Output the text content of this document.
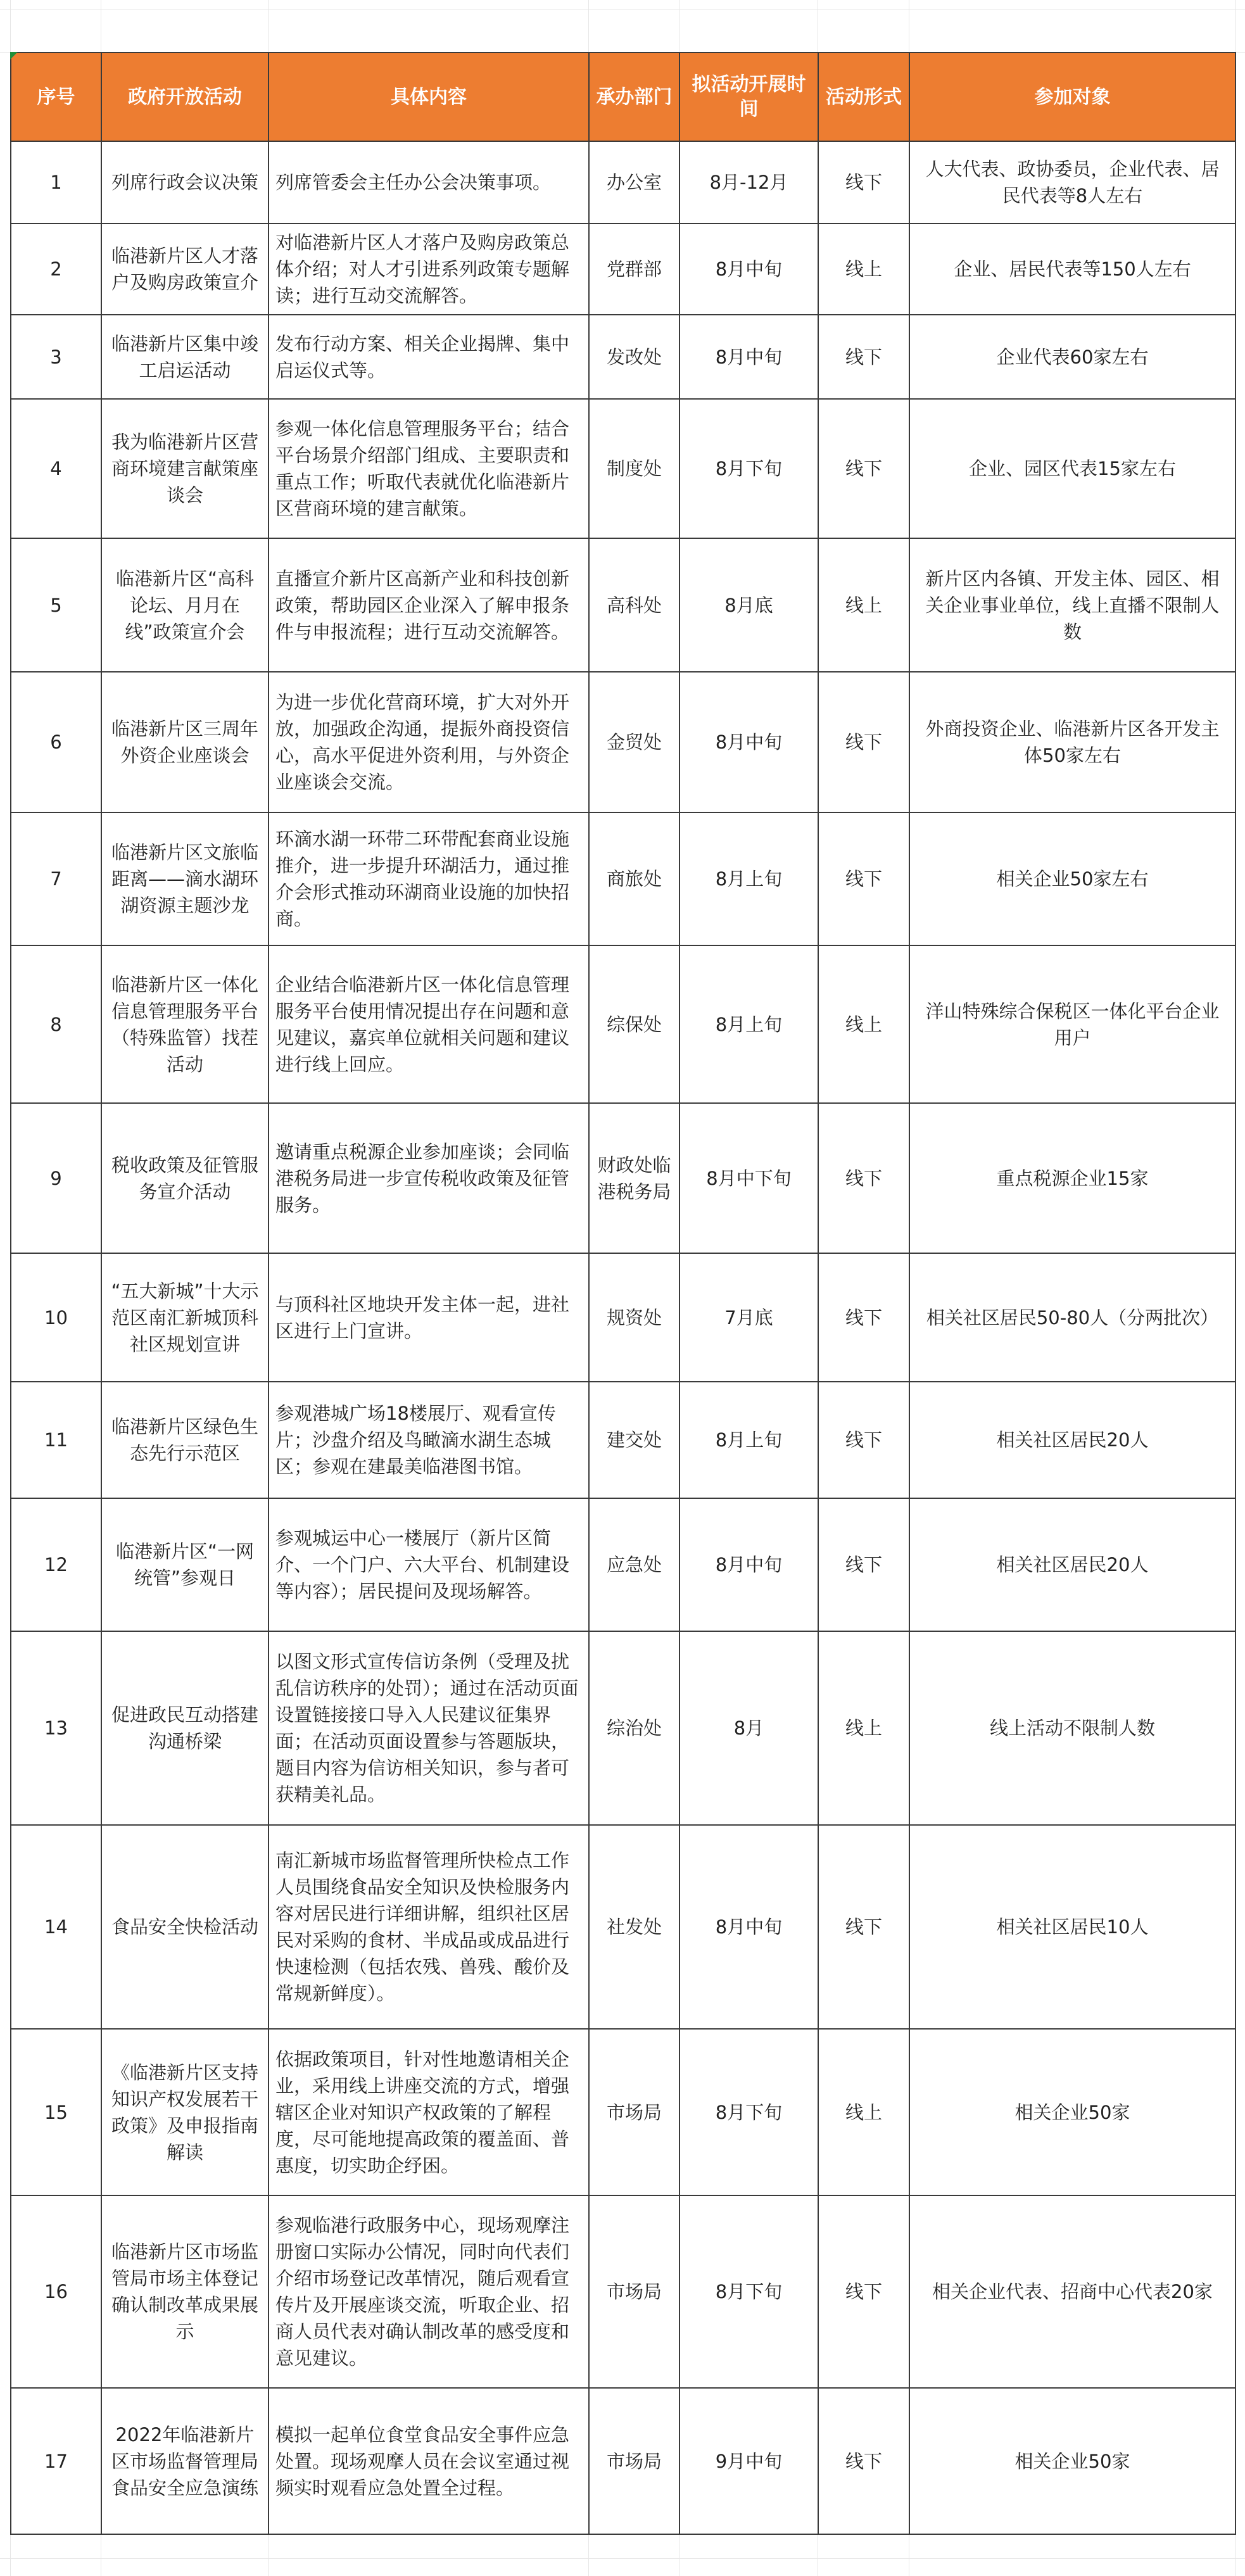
序号	政府开放活动	具体内容	承办部门	拟活动开展时间	活动形式	参加对象
1	列席行政会议决策	列席管委会主任办公会决策事项。	办公室	8月-12月	线下	人大代表、政协委员，企业代表、居民代表等8人左右
2	临港新片区人才落户及购房政策宣介	对临港新片区人才落户及购房政策总体介绍；对人才引进系列政策专题解读；进行互动交流解答。	党群部	8月中旬	线上	企业、居民代表等150人左右
3	临港新片区集中竣工启运活动	发布行动方案、相关企业揭牌、集中启运仪式等。	发改处	8月中旬	线下	企业代表60家左右
4	我为临港新片区营商环境建言献策座谈会	参观一体化信息管理服务平台；结合平台场景介绍部门组成、主要职责和重点工作；听取代表就优化临港新片区营商环境的建言献策。	制度处	8月下旬	线下	企业、园区代表15家左右
5	临港新片区“高科论坛、月月在线”政策宣介会	直播宣介新片区高新产业和科技创新政策，帮助园区企业深入了解申报条件与申报流程；进行互动交流解答。	高科处	8月底	线上	新片区内各镇、开发主体、园区、相关企业事业单位，线上直播不限制人数
6	临港新片区三周年外资企业座谈会	为进一步优化营商环境，扩大对外开放，加强政企沟通，提振外商投资信心，高水平促进外资利用，与外资企业座谈会交流。	金贸处	8月中旬	线下	外商投资企业、临港新片区各开发主体50家左右
7	临港新片区文旅临距离——滴水湖环湖资源主题沙龙	环滴水湖一环带二环带配套商业设施推介，进一步提升环湖活力，通过推介会形式推动环湖商业设施的加快招商。	商旅处	8月上旬	线下	相关企业50家左右
8	临港新片区一体化信息管理服务平台（特殊监管）找茬活动	企业结合临港新片区一体化信息管理服务平台使用情况提出存在问题和意见建议，嘉宾单位就相关问题和建议进行线上回应。	综保处	8月上旬	线上	洋山特殊综合保税区一体化平台企业用户
9	税收政策及征管服务宣介活动	邀请重点税源企业参加座谈；会同临港税务局进一步宣传税收政策及征管服务。	财政处临港税务局	8月中下旬	线下	重点税源企业15家
10	“五大新城”十大示范区南汇新城顶科社区规划宣讲	与顶科社区地块开发主体一起，进社区进行上门宣讲。	规资处	7月底	线下	相关社区居民50-80人（分两批次）
11	临港新片区绿色生态先行示范区	参观港城广场18楼展厅、观看宣传片；沙盘介绍及鸟瞰滴水湖生态城区；参观在建最美临港图书馆。	建交处	8月上旬	线下	相关社区居民20人
12	临港新片区“一网统管”参观日	参观城运中心一楼展厅（新片区简介、一个门户、六大平台、机制建设等内容）；居民提问及现场解答。	应急处	8月中旬	线下	相关社区居民20人
13	促进政民互动搭建沟通桥梁	以图文形式宣传信访条例（受理及扰乱信访秩序的处罚）；通过在活动页面设置链接接口导入人民建议征集界面；在活动页面设置参与答题版块，题目内容为信访相关知识，参与者可获精美礼品。	综治处	8月	线上	线上活动不限制人数
14	食品安全快检活动	南汇新城市场监督管理所快检点工作人员围绕食品安全知识及快检服务内容对居民进行详细讲解，组织社区居民对采购的食材、半成品或成品进行快速检测（包括农残、兽残、酸价及常规新鲜度）。	社发处	8月中旬	线下	相关社区居民10人
15	《临港新片区支持知识产权发展若干政策》及申报指南解读	依据政策项目，针对性地邀请相关企业，采用线上讲座交流的方式，增强辖区企业对知识产权政策的了解程度，尽可能地提高政策的覆盖面、普惠度，切实助企纾困。	市场局	8月下旬	线上	相关企业50家
16	临港新片区市场监管局市场主体登记确认制改革成果展示	参观临港行政服务中心，现场观摩注册窗口实际办公情况，同时向代表们介绍市场登记改革情况，随后观看宣传片及开展座谈交流，听取企业、招商人员代表对确认制改革的感受度和意见建议。	市场局	8月下旬	线下	相关企业代表、招商中心代表20家
17	2022年临港新片区市场监督管理局食品安全应急演练	模拟一起单位食堂食品安全事件应急处置。现场观摩人员在会议室通过视频实时观看应急处置全过程。	市场局	9月中旬	线下	相关企业50家
